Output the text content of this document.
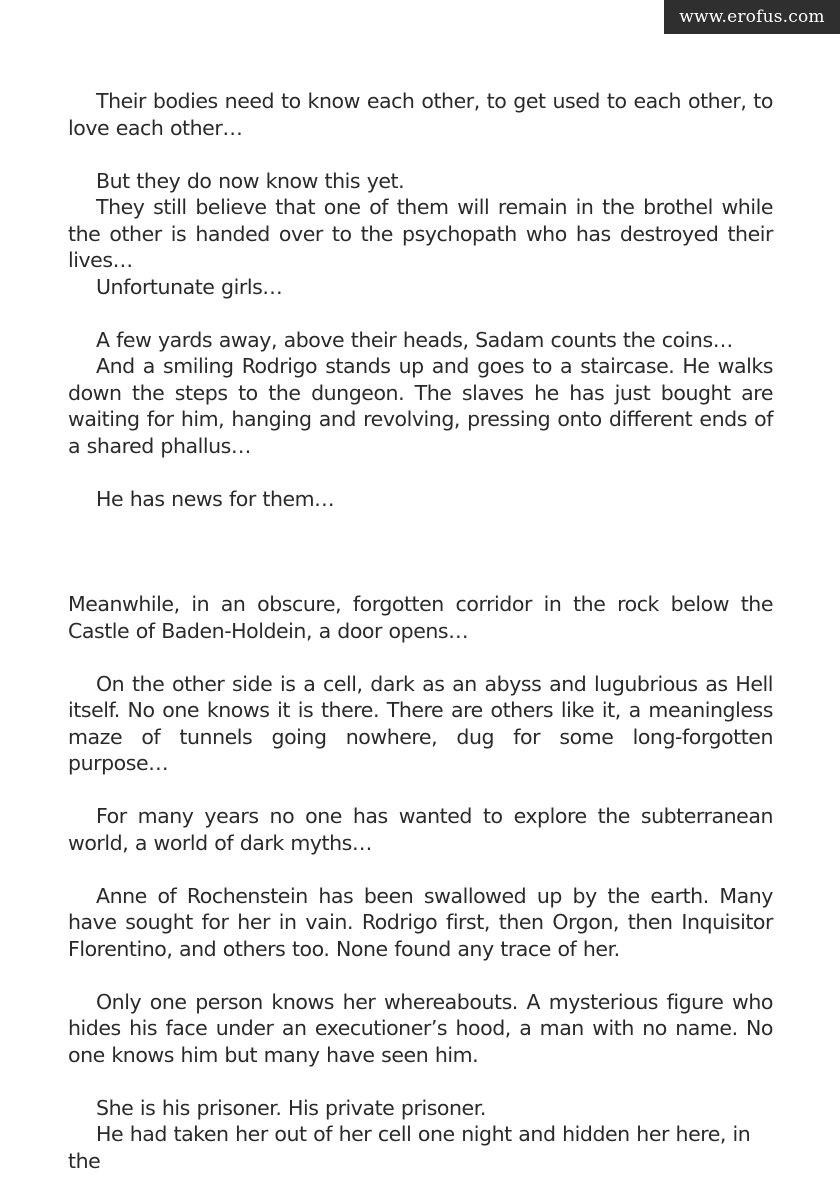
www.erofus.com

Their bodies need to know each other, to get used to each other, to love each other…

But they do now know this yet.

They still believe that one of them will remain in the brothel while the other is handed over to the psychopath who has destroyed their lives…

Unfortunate girls…

A few yards away, above their heads, Sadam counts the coins…

And a smiling Rodrigo stands up and goes to a staircase. He walks down the steps to the dungeon. The slaves he has just bought are waiting for him, hanging and revolving, pressing onto different ends of a shared phallus…

He has news for them…

Meanwhile, in an obscure, forgotten corridor in the rock below the Castle of Baden-Holdein, a door opens…

On the other side is a cell, dark as an abyss and lugubrious as Hell itself. No one knows it is there. There are others like it, a meaningless maze of tunnels going nowhere, dug for some long-forgotten purpose…

For many years no one has wanted to explore the subterranean world, a world of dark myths…

Anne of Rochenstein has been swallowed up by the earth. Many have sought for her in vain. Rodrigo first, then Orgon, then Inquisitor Florentino, and others too. None found any trace of her.

Only one person knows her whereabouts. A mysterious figure who hides his face under an executioner’s hood, a man with no name. No one knows him but many have seen him.

She is his prisoner. His private prisoner.

He had taken her out of her cell one night and hidden her here, in the
